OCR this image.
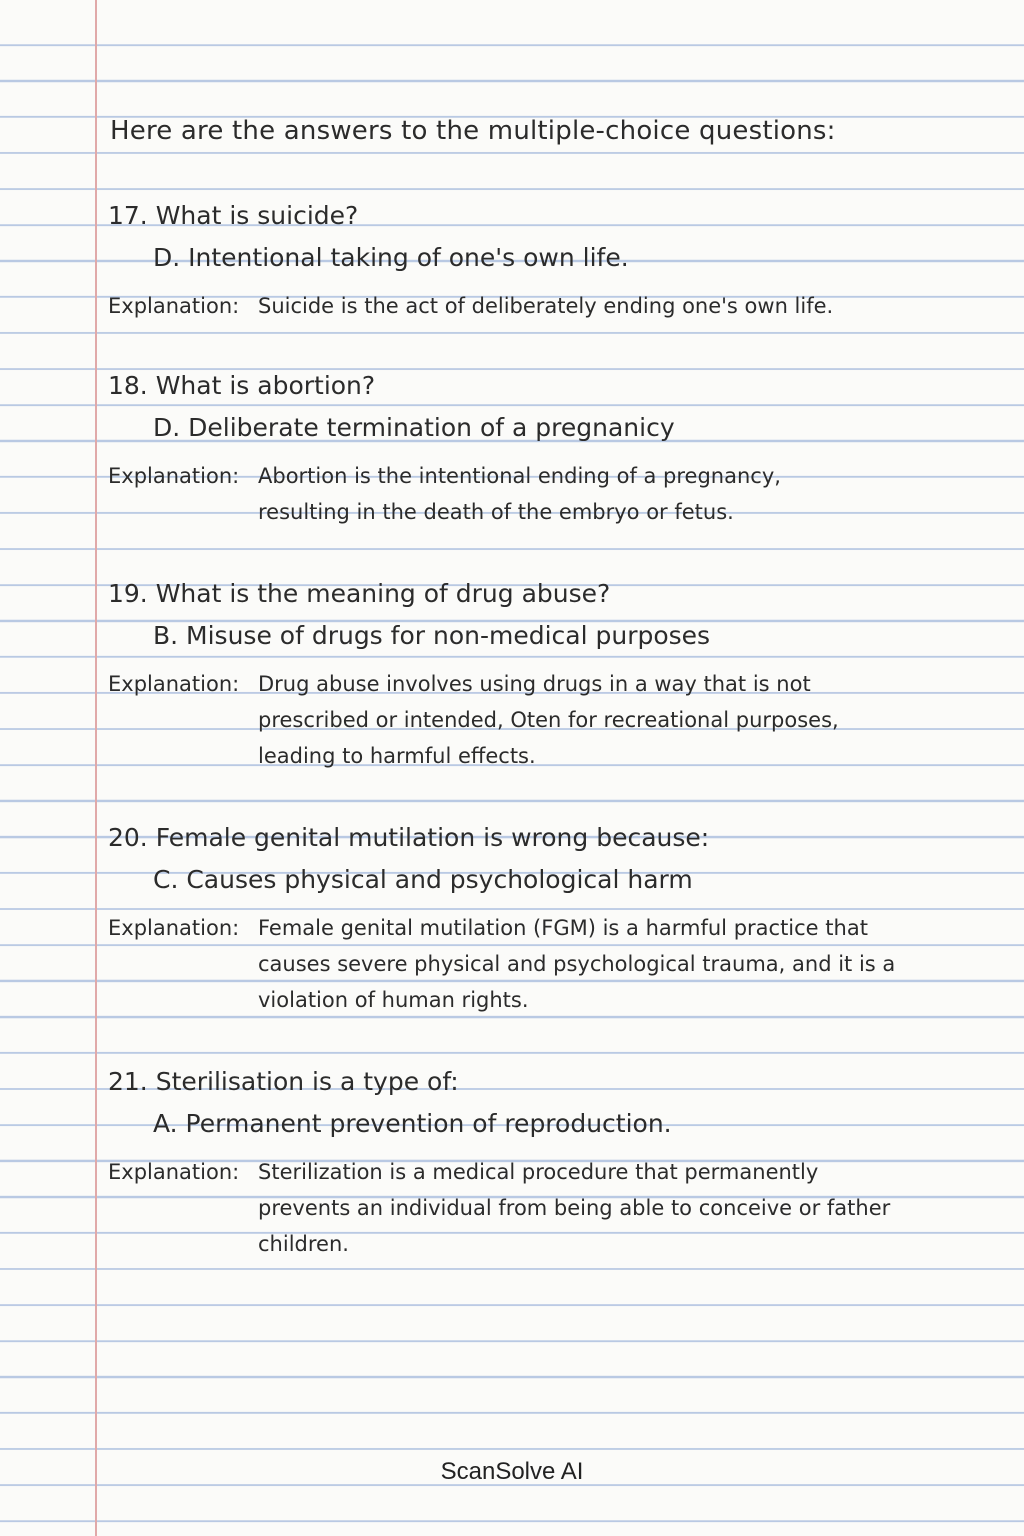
Here are the answers to the multiple-choice questions:

17. What is suicide?

D. Intentional taking of one's own life.

Explanation: Suicide is the act of deliberately ending one's own life.

18. What is abortion?

D. Deliberate termination of a pregnanicy

Explanation: Abortion is the intentional ending of a pregnancy, resulting in the death of the embryo or fetus.

19. What is the meaning of drug abuse?

B. Misuse of drugs for non-medical purposes

Explanation: Drug abuse involves using drugs in a way that is not prescribed or intended, Oten for recreational purposes, leading to harmful effects.

20. Female genital mutilation is wrong because:

C. Causes physical and psychological harm

Explanation: Female genital mutilation (FGM) is a harmful practice that causes severe physical and psychological trauma, and it is a violation of human rights.

21. Sterilisation is a type of:

A. Permanent prevention of reproduction.

Explanation: Sterilization is a medical procedure that permanently prevents an individual from being able to conceive or father children.
ScanSolve AI
